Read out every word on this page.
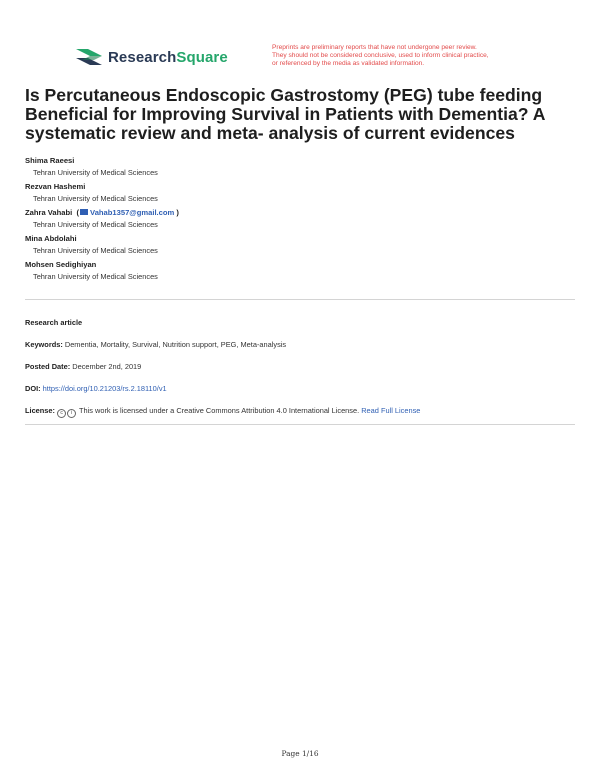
ResearchSquare
Preprints are preliminary reports that have not undergone peer review.
They should not be considered conclusive, used to inform clinical practice,
or referenced by the media as validated information.
Is Percutaneous Endoscopic Gastrostomy (PEG) tube feeding Beneficial for Improving Survival in Patients with Dementia? A systematic review and meta- analysis of current evidences
Shima Raeesi
Tehran University of Medical Sciences
Rezvan Hashemi
Tehran University of Medical Sciences
Zahra Vahabi  ( Vahab1357@gmail.com )
Tehran University of Medical Sciences
Mina Abdolahi
Tehran University of Medical Sciences
Mohsen Sedighiyan
Tehran University of Medical Sciences
Research article
Keywords: Dementia, Mortality, Survival, Nutrition support, PEG, Meta-analysis
Posted Date: December 2nd, 2019
DOI: https://doi.org/10.21203/rs.2.18110/v1
License: c i This work is licensed under a Creative Commons Attribution 4.0 International License. Read Full License
Page 1/16
